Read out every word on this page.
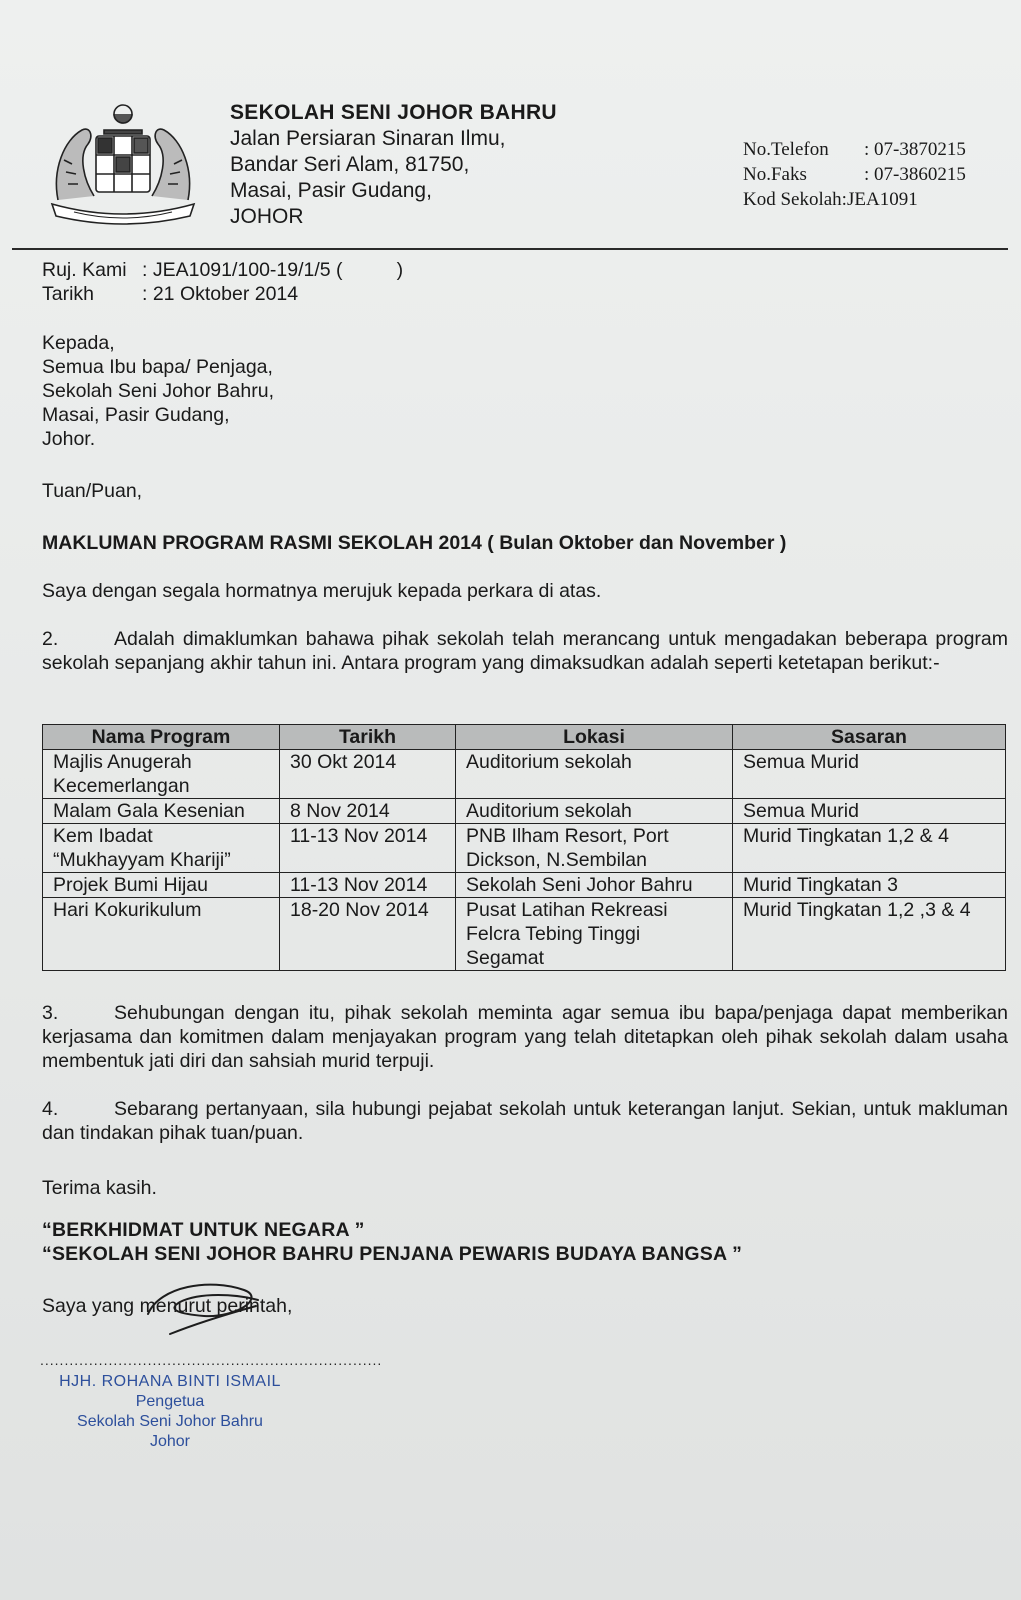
SEKOLAH SENI JOHOR BAHRU
Jalan Persiaran Sinaran Ilmu,
Bandar Seri Alam, 81750,
Masai, Pasir Gudang,
JOHOR
No.Telefon	: 07-3870215
No.Faks	: 07-3860215
Kod Sekolah: JEA1091
Ruj. Kami : JEA1091/100-19/1/5 (	)
Tarikh	: 21 Oktober 2014
Kepada,
Semua Ibu bapa/ Penjaga,
Sekolah Seni Johor Bahru,
Masai, Pasir Gudang,
Johor.
Tuan/Puan,
MAKLUMAN PROGRAM RASMI SEKOLAH 2014 ( Bulan Oktober dan November )
Saya dengan segala hormatnya merujuk kepada perkara di atas.
2.	Adalah dimaklumkan bahawa pihak sekolah telah merancang untuk mengadakan beberapa program sekolah sepanjang akhir tahun ini. Antara program yang dimaksudkan adalah seperti ketetapan berikut:-
Nama Program	Tarikh	Lokasi	Sasaran
Majlis Anugerah Kecemerlangan	30 Okt 2014	Auditorium sekolah	Semua Murid
Malam Gala Kesenian	8 Nov 2014	Auditorium sekolah	Semua Murid
Kem Ibadat “Mukhayyam Khariji”	11-13 Nov 2014	PNB Ilham Resort, Port Dickson, N.Sembilan	Murid Tingkatan 1,2 & 4
Projek Bumi Hijau	11-13 Nov 2014	Sekolah Seni Johor Bahru	Murid Tingkatan 3
Hari Kokurikulum	18-20 Nov 2014	Pusat Latihan Rekreasi Felcra Tebing Tinggi Segamat	Murid Tingkatan 1,2 ,3 & 4
3.	Sehubungan dengan itu, pihak sekolah meminta agar semua ibu bapa/penjaga dapat memberikan kerjasama dan komitmen dalam menjayakan program yang telah ditetapkan oleh pihak sekolah dalam usaha membentuk jati diri dan sahsiah murid terpuji.
4.	Sebarang pertanyaan, sila hubungi pejabat sekolah untuk keterangan lanjut. Sekian, untuk makluman dan tindakan pihak tuan/puan.
Terima kasih.
“BERKHIDMAT UNTUK NEGARA ”
“SEKOLAH SENI JOHOR BAHRU PENJANA PEWARIS BUDAYA BANGSA ”
Saya yang menurut perintah,
......................................................................
HJH. ROHANA BINTI ISMAIL
Pengetua
Sekolah Seni Johor Bahru
Johor
